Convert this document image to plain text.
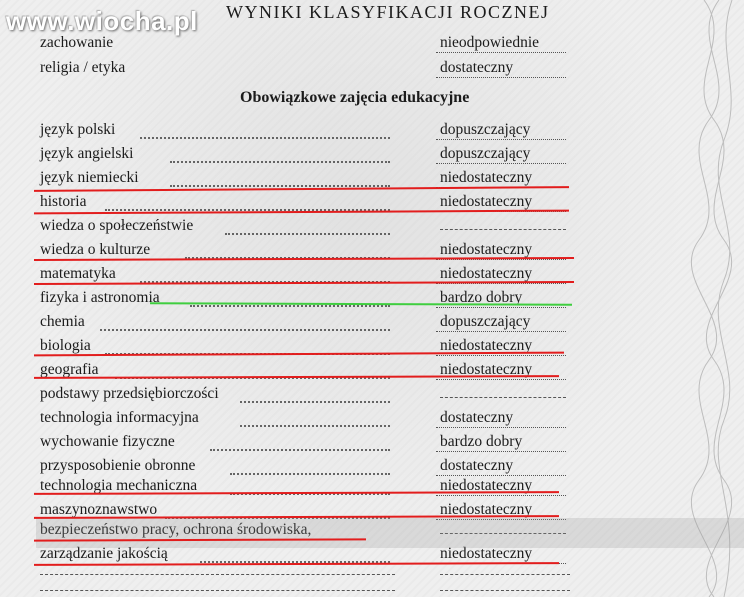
www.wiocha.pl WYNIKI KLASYFIKACJI ROCZNEJ
zachowanie	nieodpowiednie
religia / etyka	dostateczny
Obowiązkowe zajęcia edukacyjne
język polski	dopuszczający
język angielski	dopuszczający
język niemiecki	niedostateczny
historia	niedostateczny
wiedza o społeczeństwie
wiedza o kulturze	niedostateczny
matematyka	niedostateczny
fizyka i astronomia	bardzo dobry
chemia	dopuszczający
biologia	niedostateczny
geografia	niedostateczny
podstawy przedsiębiorczości
technologia informacyjna	dostateczny
wychowanie fizyczne	bardzo dobry
przysposobienie obronne	dostateczny
technologia mechaniczna	niedostateczny
maszynoznawstwo	niedostateczny
bezpieczeństwo pracy, ochrona środowiska,
zarządzanie jakością	niedostateczny
